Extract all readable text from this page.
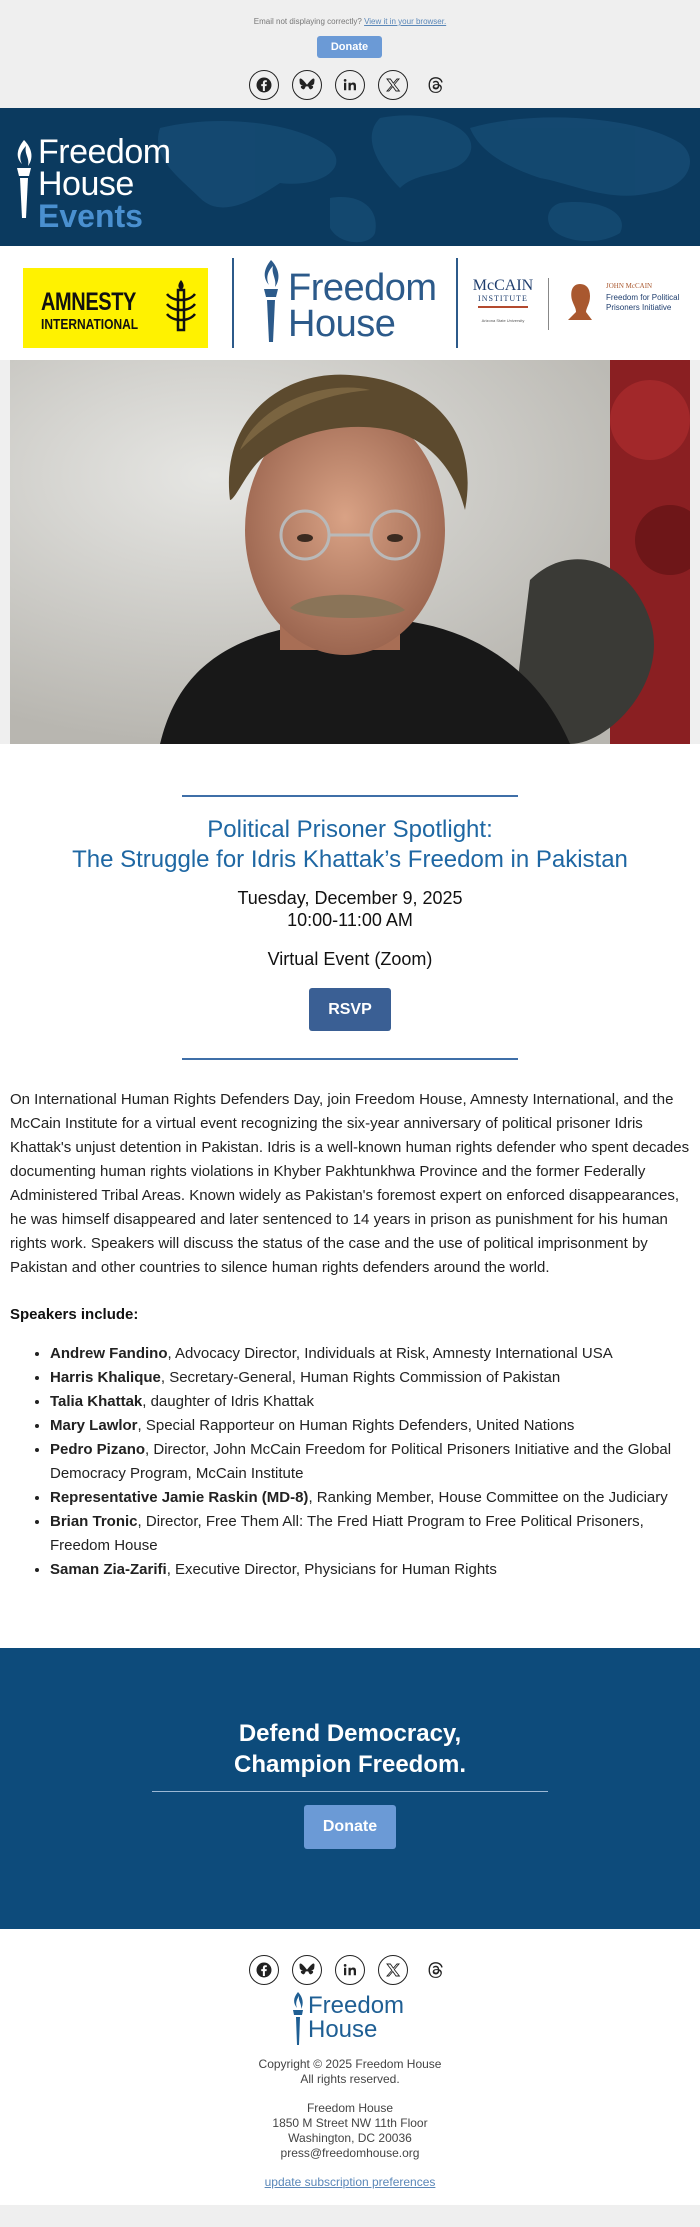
Email not displaying correctly? View it in your browser.
Donate
Freedom
House
Events
AMNESTY
INTERNATIONAL
Freedom
House
McCAIN
INSTITUTE
Arizona State University
JOHN McCAIN
Freedom for Political
Prisoners Initiative
Political Prisoner Spotlight:
The Struggle for Idris Khattak’s Freedom in Pakistan
Tuesday, December 9, 2025
10:00-11:00 AM
Virtual Event (Zoom)
RSVP

On International Human Rights Defenders Day, join Freedom House, Amnesty International, and the McCain Institute for a virtual event recognizing the six-year anniversary of political prisoner Idris Khattak's unjust detention in Pakistan. Idris is a well-known human rights defender who spent decades documenting human rights violations in Khyber Pakhtunkhwa Province and the former Federally Administered Tribal Areas. Known widely as Pakistan's foremost expert on enforced disappearances, he was himself disappeared and later sentenced to 14 years in prison as punishment for his human rights work. Speakers will discuss the status of the case and the use of political imprisonment by Pakistan and other countries to silence human rights defenders around the world.

Speakers include:
• Andrew Fandino, Advocacy Director, Individuals at Risk, Amnesty International USA
• Harris Khalique, Secretary-General, Human Rights Commission of Pakistan
• Talia Khattak, daughter of Idris Khattak
• Mary Lawlor, Special Rapporteur on Human Rights Defenders, United Nations
• Pedro Pizano, Director, John McCain Freedom for Political Prisoners Initiative and the Global Democracy Program, McCain Institute
• Representative Jamie Raskin (MD-8), Ranking Member, House Committee on the Judiciary
• Brian Tronic, Director, Free Them All: The Fred Hiatt Program to Free Political Prisoners, Freedom House
• Saman Zia-Zarifi, Executive Director, Physicians for Human Rights
Defend Democracy,
Champion Freedom.
Donate
Freedom
House
Copyright © 2025 Freedom House
All rights reserved.
Freedom House
1850 M Street NW 11th Floor
Washington, DC 20036
press@freedomhouse.org
update subscription preferences
